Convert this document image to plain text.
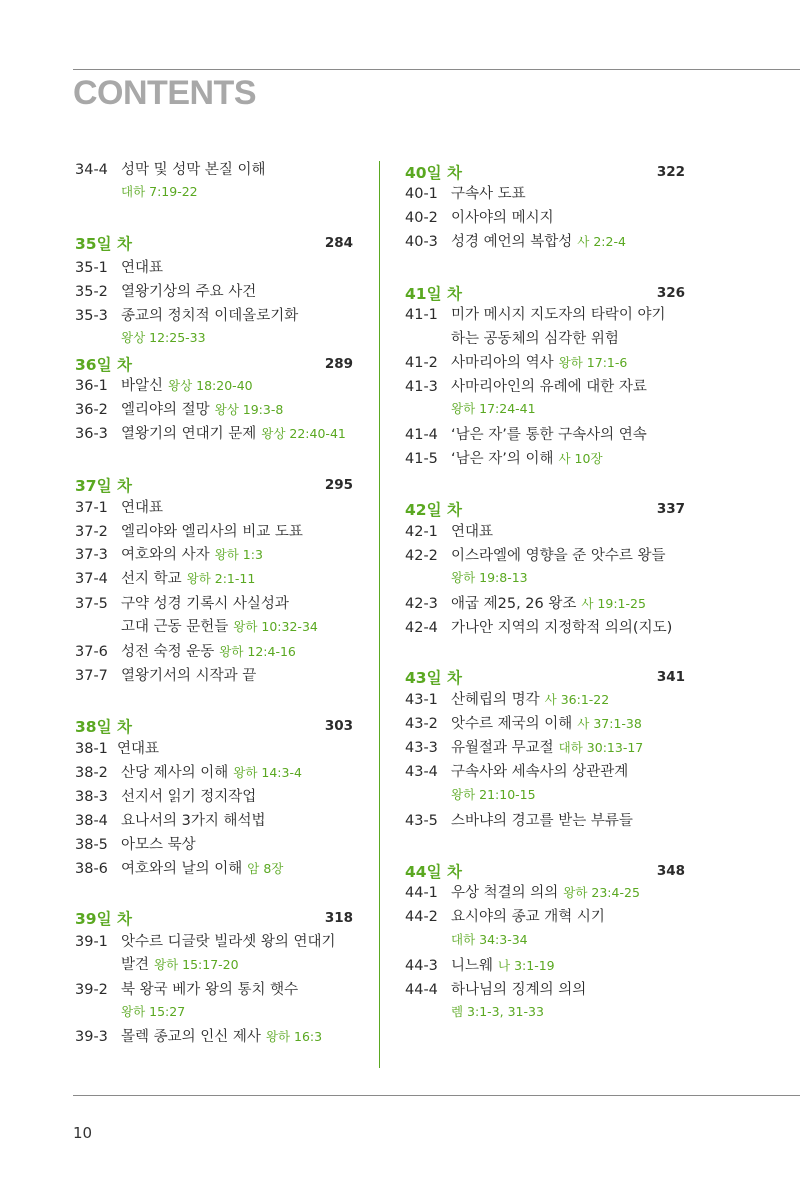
CONTENTS
34-4 성막 및 성막 본질 이해
대하 7:19-22
35일 차	284
35-1 연대표
35-2 열왕기상의 주요 사건
35-3 종교의 정치적 이데올로기화
왕상 12:25-33
36일 차	289
36-1 바알신 왕상 18:20-40
36-2 엘리야의 절망 왕상 19:3-8
36-3 열왕기의 연대기 문제 왕상 22:40-41
37일 차	295
37-1 연대표
37-2 엘리야와 엘리사의 비교 도표
37-3 여호와의 사자 왕하 1:3
37-4 선지 학교 왕하 2:1-11
37-5 구약 성경 기록시 사실성과
고대 근동 문헌들 왕하 10:32-34
37-6 성전 숙정 운동 왕하 12:4-16
37-7 열왕기서의 시작과 끝
38일 차	303
38-1 연대표
38-2 산당 제사의 이해 왕하 14:3-4
38-3 선지서 읽기 정지작업
38-4 요나서의 3가지 해석법
38-5 아모스 묵상
38-6 여호와의 날의 이해 암 8장
39일 차	318
39-1 앗수르 디글랏 빌라셋 왕의 연대기
발견 왕하 15:17-20
39-2 북 왕국 베가 왕의 통치 햇수
왕하 15:27
39-3 몰렉 종교의 인신 제사 왕하 16:3
40일 차	322
40-1 구속사 도표
40-2 이사야의 메시지
40-3 성경 예언의 복합성 사 2:2-4
41일 차	326
41-1 미가 메시지 지도자의 타락이 야기
하는 공동체의 심각한 위험
41-2 사마리아의 역사 왕하 17:1-6
41-3 사마리아인의 유례에 대한 자료
왕하 17:24-41
41-4 ‘남은 자’를 통한 구속사의 연속
41-5 ‘남은 자’의 이해 사 10장
42일 차	337
42-1 연대표
42-2 이스라엘에 영향을 준 앗수르 왕들
왕하 19:8-13
42-3 애굽 제25, 26 왕조 사 19:1-25
42-4 가나안 지역의 지정학적 의의(지도)
43일 차	341
43-1 산헤립의 명각 사 36:1-22
43-2 앗수르 제국의 이해 사 37:1-38
43-3 유월절과 무교절 대하 30:13-17
43-4 구속사와 세속사의 상관관계
왕하 21:10-15
43-5 스바냐의 경고를 받는 부류들
44일 차	348
44-1 우상 척결의 의의 왕하 23:4-25
44-2 요시야의 종교 개혁 시기
대하 34:3-34
44-3 니느웨 나 3:1-19
44-4 하나님의 징계의 의의
렘 3:1-3, 31-33
10
